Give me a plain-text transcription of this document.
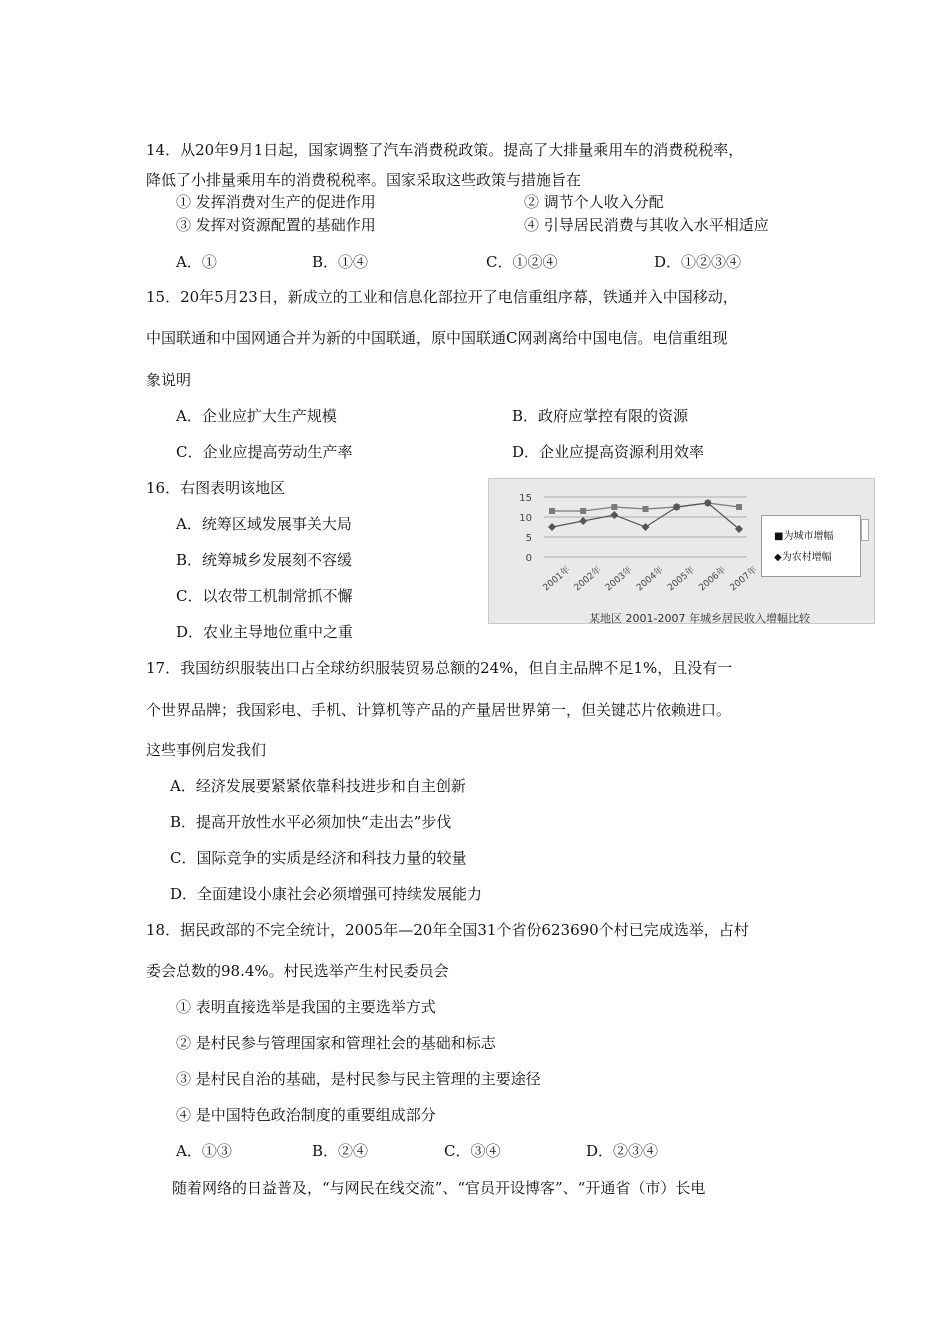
14．从20年9月1日起，国家调整了汽车消费税政策。提高了大排量乘用车的消费税税率，
降低了小排量乘用车的消费税税率。国家采取这些政策与措施旨在
① 发挥消费对生产的促进作用	② 调节个人收入分配
③ 发挥对资源配置的基础作用	④ 引导居民消费与其收入水平相适应
A．①	B．①④	C．①②④	D．①②③④
15．20年5月23日，新成立的工业和信息化部拉开了电信重组序幕，铁通并入中国移动，
中国联通和中国网通合并为新的中国联通，原中国联通C网剥离给中国电信。电信重组现
象说明
A．企业应扩大生产规模	B．政府应掌控有限的资源
C．企业应提高劳动生产率	D．企业应提高资源利用效率
16．右图表明该地区
A．统筹区域发展事关大局
B．统筹城乡发展刻不容缓
C．以农带工机制常抓不懈
D．农业主导地位重中之重
15
10
5
0
2001年 2002年 2003年 2004年 2005年 2006年 2007年
■为城市增幅
◆为农村增幅
某地区 2001-2007 年城乡居民收入增幅比较
17．我国纺织服装出口占全球纺织服装贸易总额的24%，但自主品牌不足1%，且没有一
个世界品牌；我国彩电、手机、计算机等产品的产量居世界第一，但关键芯片依赖进口。
这些事例启发我们
A．经济发展要紧紧依靠科技进步和自主创新
B．提高开放性水平必须加快“走出去”步伐
C．国际竞争的实质是经济和科技力量的较量
D．全面建设小康社会必须增强可持续发展能力
18．据民政部的不完全统计，2005年—20年全国31个省份623690个村已完成选举，占村
委会总数的98.4%。村民选举产生村民委员会
① 表明直接选举是我国的主要选举方式
② 是村民参与管理国家和管理社会的基础和标志
③ 是村民自治的基础，是村民参与民主管理的主要途径
④ 是中国特色政治制度的重要组成部分
A．①③	B．②④	C．③④	D．②③④
随着网络的日益普及，“与网民在线交流”、“官员开设博客”、“开通省（市）长电
